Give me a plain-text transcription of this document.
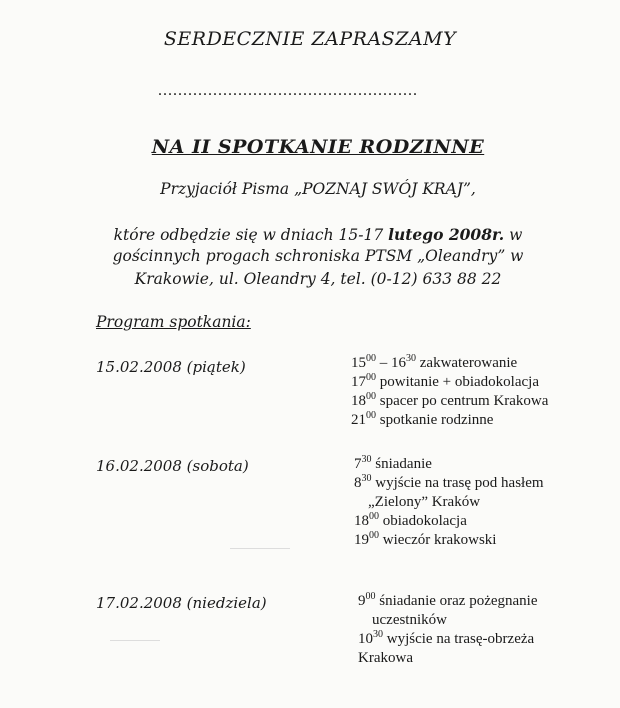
SERDECZNIE ZAPRASZAMY
....................................................
NA II SPOTKANIE RODZINNE
Przyjaciół Pisma „POZNAJ SWÓJ KRAJ”,
które odbędzie się w dniach 15-17 lutego 2008r. w
gościnnych progach schroniska PTSM „Oleandry” w
Krakowie, ul. Oleandry 4, tel. (0-12) 633 88 22
Program spotkania:
15.02.2008 (piątek)	$15^{00} - 16^{30}$ zakwaterowanie
$17^{00}$ powitanie + obiadokolacja
$18^{00}$ spacer po centrum Krakowa
$21^{00}$ spotkanie rodzinne
16.02.2008 (sobota)	$7^{30}$ śniadanie
$8^{30}$ wyjście na trasę pod hasłem
„Zielony” Kraków
$18^{00}$ obiadokolacja
$19^{00}$ wieczór krakowski
17.02.2008 (niedziela)	$9^{00}$ śniadanie oraz pożegnanie
uczestników
$10^{30}$ wyjście na trasę-obrzeża
Krakowa
